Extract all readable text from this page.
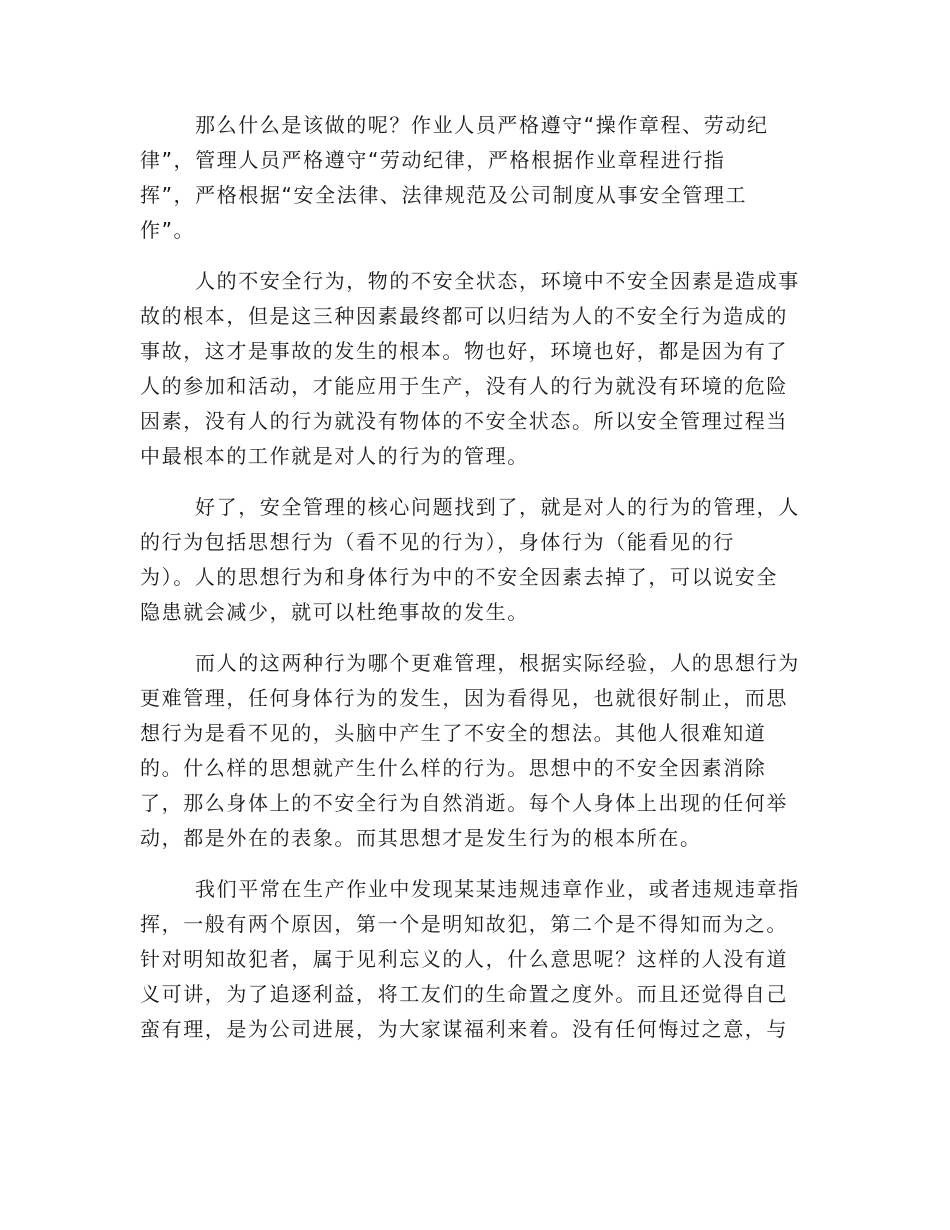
那么什么是该做的呢？作业人员严格遵守“操作章程、劳动纪
律”，管理人员严格遵守“劳动纪律，严格根据作业章程进行指
挥”，严格根据“安全法律、法律规范及公司制度从事安全管理工
作”。

人的不安全行为，物的不安全状态，环境中不安全因素是造成事
故的根本，但是这三种因素最终都可以归结为人的不安全行为造成的
事故，这才是事故的发生的根本。物也好，环境也好，都是因为有了
人的参加和活动，才能应用于生产，没有人的行为就没有环境的危险
因素，没有人的行为就没有物体的不安全状态。所以安全管理过程当
中最根本的工作就是对人的行为的管理。

好了，安全管理的核心问题找到了，就是对人的行为的管理，人
的行为包括思想行为（看不见的行为），身体行为（能看见的行
为）。人的思想行为和身体行为中的不安全因素去掉了，可以说安全
隐患就会减少，就可以杜绝事故的发生。

而人的这两种行为哪个更难管理，根据实际经验，人的思想行为
更难管理，任何身体行为的发生，因为看得见，也就很好制止，而思
想行为是看不见的，头脑中产生了不安全的想法。其他人很难知道
的。什么样的思想就产生什么样的行为。思想中的不安全因素消除
了，那么身体上的不安全行为自然消逝。每个人身体上出现的任何举
动，都是外在的表象。而其思想才是发生行为的根本所在。

我们平常在生产作业中发现某某违规违章作业，或者违规违章指
挥，一般有两个原因，第一个是明知故犯，第二个是不得知而为之。
针对明知故犯者，属于见利忘义的人，什么意思呢？这样的人没有道
义可讲，为了追逐利益，将工友们的生命置之度外。而且还觉得自己
蛮有理，是为公司进展，为大家谋福利来着。没有任何悔过之意，与
